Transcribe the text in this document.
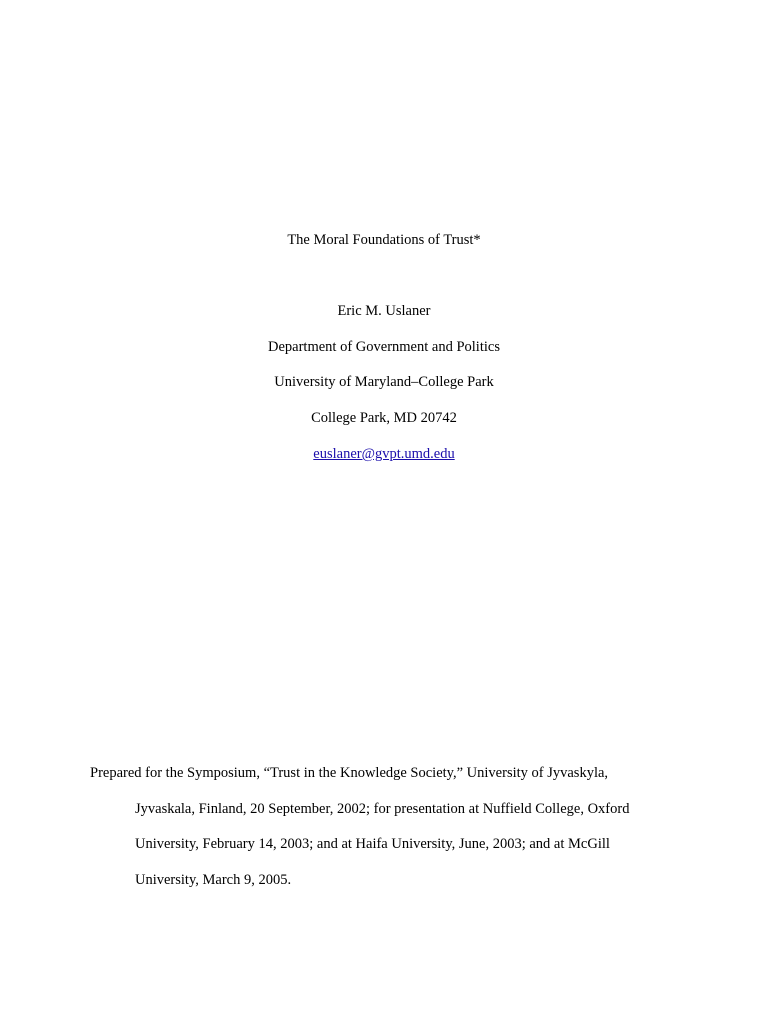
The Moral Foundations of Trust*
Eric M. Uslaner
Department of Government and Politics
University of Maryland–College Park
College Park, MD 20742
euslaner@gvpt.umd.edu
Prepared for the Symposium, “Trust in the Knowledge Society,” University of Jyvaskyla,
Jyvaskala, Finland, 20 September, 2002; for presentation at Nuffield College, Oxford
University, February 14, 2003; and at Haifa University, June, 2003; and at McGill
University, March 9, 2005.
